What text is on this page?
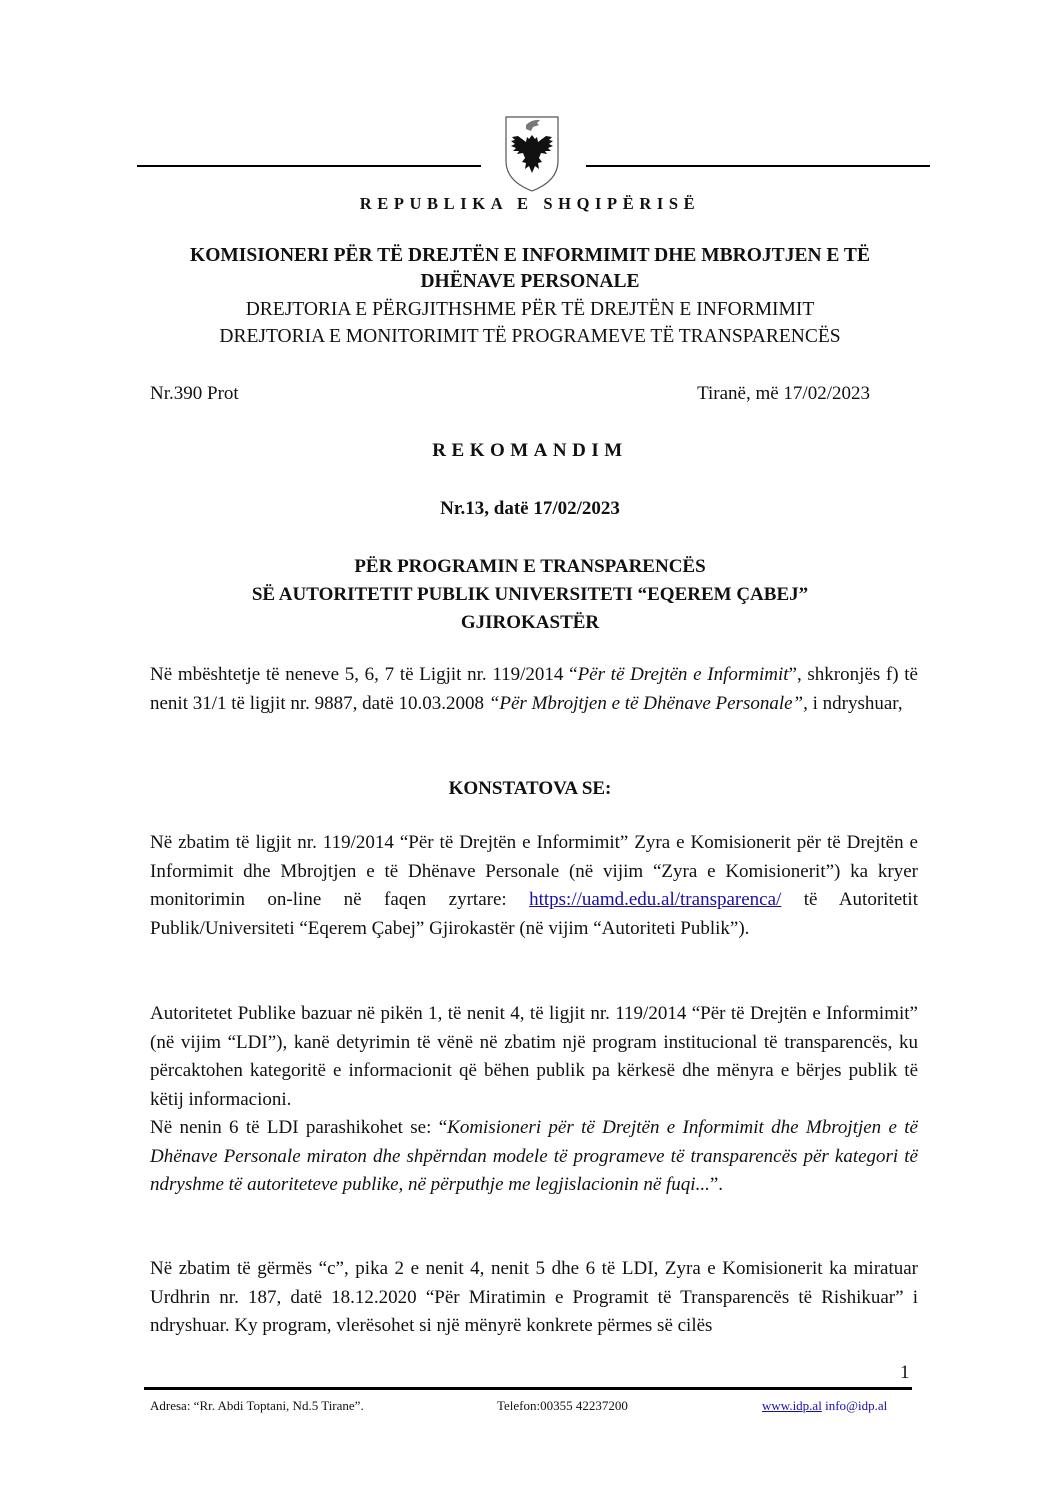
REPUBLIKA E SHQIPËRISË
KOMISIONERI PËR TË DREJTËN E INFORMIMIT DHE MBROJTJEN E TË
DHËNAVE PERSONALE
DREJTORIA E PËRGJITHSHME PËR TË DREJTËN E INFORMIMIT
DREJTORIA E MONITORIMIT TË PROGRAMEVE TË TRANSPARENCËS
Nr.390 Prot	Tiranë, më 17/02/2023
REKOMANDIM
Nr.13, datë 17/02/2023
PËR PROGRAMIN E TRANSPARENCËS
SË AUTORITETIT PUBLIK UNIVERSITETI “EQEREM ÇABEJ”
GJIROKASTËR
Në mbështetje të neneve 5, 6, 7 të Ligjit nr. 119/2014 “Për të Drejtën e Informimit”, shkronjës f) të nenit 31/1 të ligjit nr. 9887, datë 10.03.2008 “Për Mbrojtjen e të Dhënave Personale”, i ndryshuar,
KONSTATOVA SE:
Në zbatim të ligjit nr. 119/2014 “Për të Drejtën e Informimit” Zyra e Komisionerit për të Drejtën e Informimit dhe Mbrojtjen e të Dhënave Personale (në vijim “Zyra e Komisionerit”) ka kryer monitorimin on-line në faqen zyrtare: https://uamd.edu.al/transparenca/ të Autoritetit Publik/Universiteti “Eqerem Çabej” Gjirokastër (në vijim “Autoriteti Publik”).
Autoritetet Publike bazuar në pikën 1, të nenit 4, të ligjit nr. 119/2014 “Për të Drejtën e Informimit” (në vijim “LDI”), kanë detyrimin të vënë në zbatim një program institucional të transparencës, ku përcaktohen kategoritë e informacionit që bëhen publik pa kërkesë dhe mënyra e bërjes publik të këtij informacioni.
Në nenin 6 të LDI parashikohet se: “Komisioneri për të Drejtën e Informimit dhe Mbrojtjen e të Dhënave Personale miraton dhe shpërndan modele të programeve të transparencës për kategori të ndryshme të autoriteteve publike, në përputhje me legjislacionin në fuqi...”.
Në zbatim të gërmës “c”, pika 2 e nenit 4, nenit 5 dhe 6 të LDI, Zyra e Komisionerit ka miratuar Urdhrin nr. 187, datë 18.12.2020 “Për Miratimin e Programit të Transparencës të Rishikuar” i ndryshuar. Ky program, vlerësohet si një mënyrë konkrete përmes së cilës
1
Adresa: “Rr. Abdi Toptani, Nd.5 Tirane”.	Telefon:00355 42237200	www.idp.al info@idp.al
